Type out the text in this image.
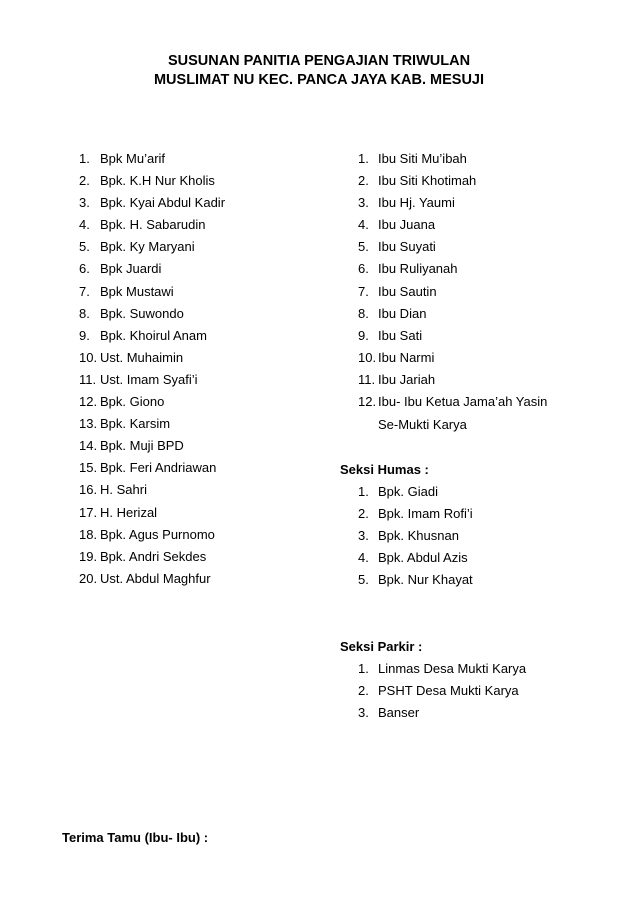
SUSUNAN PANITIA PENGAJIAN TRIWULAN
MUSLIMAT NU KEC. PANCA JAYA KAB. MESUJI
1. Bpk Mu’arif
2. Bpk. K.H Nur Kholis
3. Bpk. Kyai Abdul Kadir
4. Bpk. H. Sabarudin
5. Bpk. Ky Maryani
6. Bpk Juardi
7. Bpk Mustawi
8. Bpk. Suwondo
9. Bpk. Khoirul Anam
10. Ust. Muhaimin
11. Ust. Imam Syafi’i
12. Bpk. Giono
13. Bpk. Karsim
14. Bpk. Muji BPD
15. Bpk. Feri Andriawan
16. H. Sahri
17. H. Herizal
18. Bpk. Agus Purnomo
19. Bpk. Andri Sekdes
20. Ust. Abdul Maghfur
1. Ibu Siti Mu’ibah
2. Ibu Siti Khotimah
3. Ibu Hj. Yaumi
4. Ibu Juana
5. Ibu Suyati
6. Ibu Ruliyanah
7. Ibu Sautin
8. Ibu Dian
9. Ibu Sati
10. Ibu Narmi
11. Ibu Jariah
12. Ibu- Ibu Ketua Jama’ah Yasin
Se-Mukti Karya
Seksi Humas :
1. Bpk. Giadi
2. Bpk. Imam Rofi’i
3. Bpk. Khusnan
4. Bpk. Abdul Azis
5. Bpk. Nur Khayat
Seksi Parkir :
1. Linmas Desa Mukti Karya
2. PSHT Desa Mukti Karya
3. Banser
Terima Tamu (Ibu- Ibu) :
